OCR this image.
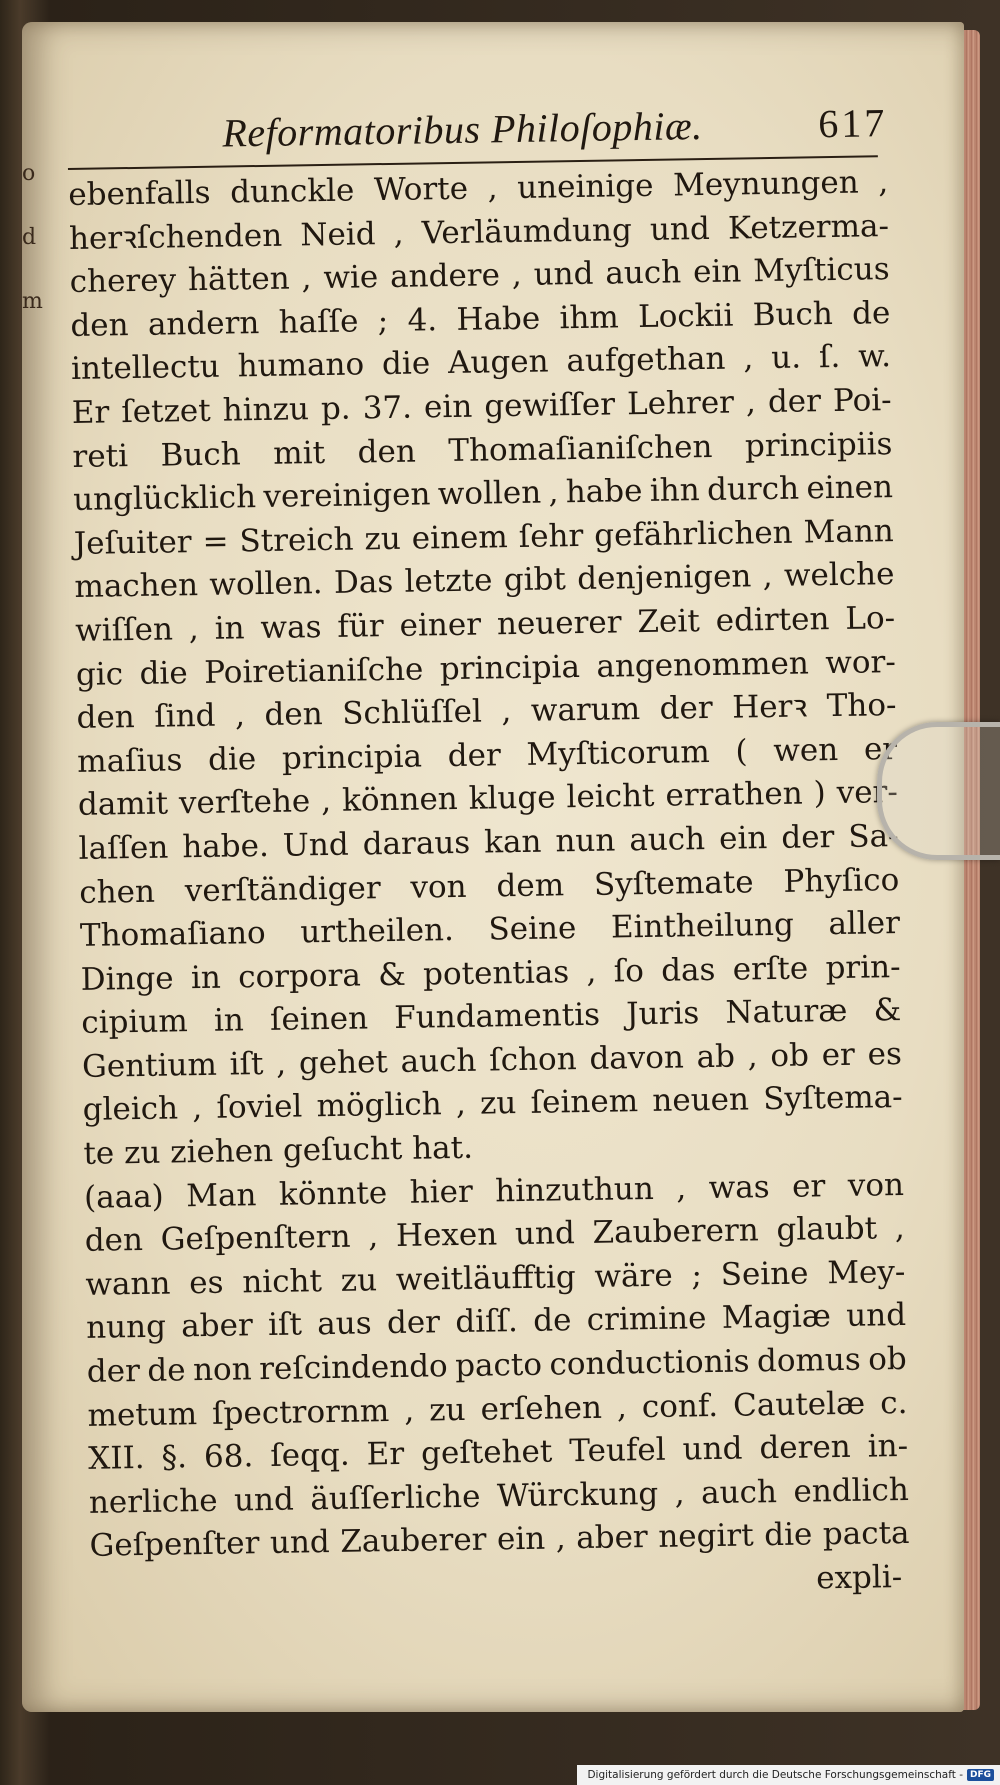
o
d
m
Reformatoribus Philoſophiæ.	617
ebenfalls dunckle Worte , uneinige Meynungen ,
herꝛſchenden Neid , Verläumdung und Ketzerma-
cherey hätten , wie andere , und auch ein Myſticus
den andern haſſe ; 4. Habe ihm Lockii Buch de
intellectu humano die Augen aufgethan , u. ſ. w.
Er ſetzet hinzu p. 37. ein gewiſſer Lehrer , der Poi-
reti Buch mit den Thomaſianiſchen principiis
unglücklich vereinigen wollen , habe ihn durch einen
Jeſuiter = Streich zu einem ſehr gefährlichen Mann
machen wollen. Das letzte gibt denjenigen , welche
wiſſen , in was für einer neuerer Zeit edirten Lo-
gic die Poiretianiſche principia angenommen wor-
den ſind , den Schlüſſel , warum der Herꝛ Tho-
maſius die principia der Myſticorum ( wen er
damit verſtehe , können kluge leicht errathen ) ver-
laſſen habe. Und daraus kan nun auch ein der Sa-
chen verſtändiger von dem Syſtemate Phyſico
Thomaſiano urtheilen. Seine Eintheilung aller
Dinge in corpora & potentias , ſo das erſte prin-
cipium in ſeinen Fundamentis Juris Naturæ &
Gentium iſt , gehet auch ſchon davon ab , ob er es
gleich , ſoviel möglich , zu ſeinem neuen Syſtema-
te zu ziehen geſucht hat.
(aaa) Man könnte hier hinzuthun , was er von
den Geſpenſtern , Hexen und Zauberern glaubt ,
wann es nicht zu weitläufftig wäre ; Seine Mey-
nung aber iſt aus der diſſ. de crimine Magiæ und
der de non reſcindendo pacto conductionis domus ob
metum ſpectrornm , zu erſehen , conf. Cautelæ c.
XII. §. 68. ſeqq. Er geſtehet Teufel und deren in-
nerliche und äuſſerliche Würckung , auch endlich
Geſpenſter und Zauberer ein , aber negirt die pacta
expli-
Digitalisierung gefördert durch die Deutsche Forschungsgemeinschaft - DFG
